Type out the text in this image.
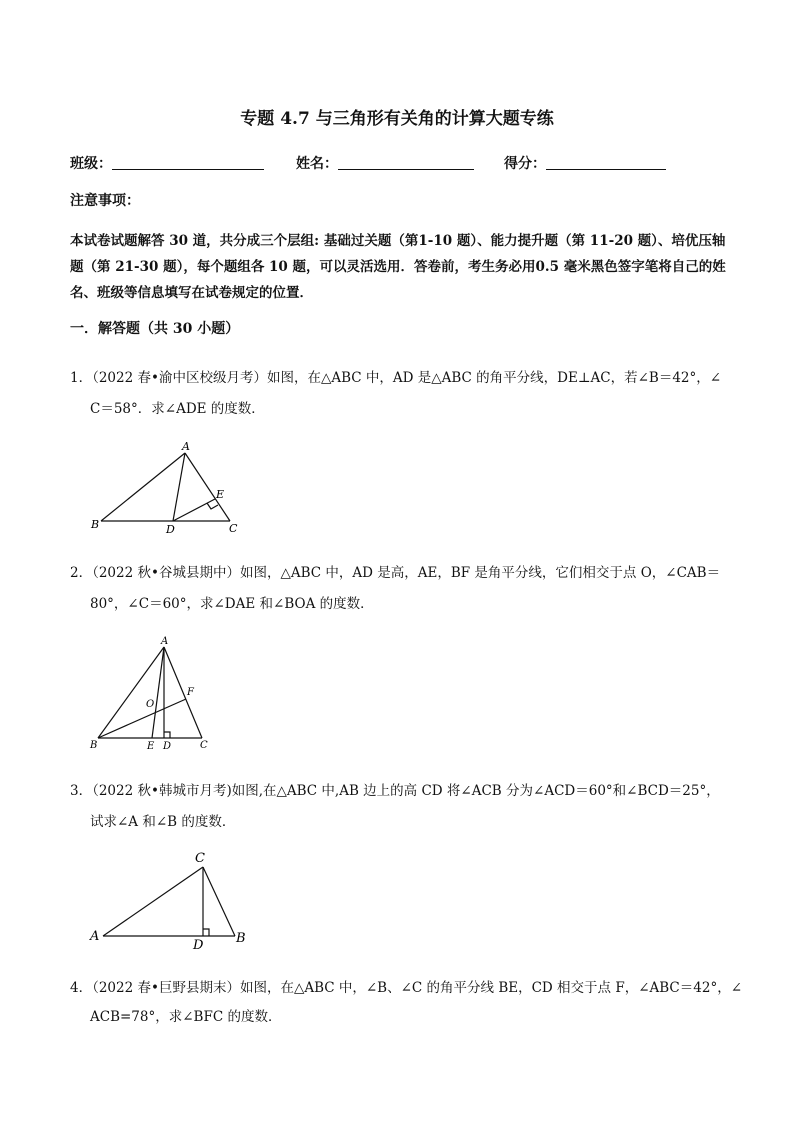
专题 4.7 与三角形有关角的计算大题专练
班级：	姓名：	得分：
注意事项：
本试卷试题解答 30 道，共分成三个层组: 基础过关题（第1-10 题）、能力提升题（第 11-20 题）、培优压轴
题（第 21-30 题），每个题组各 10 题，可以灵活选用．答卷前，考生务必用0.5 毫米黑色签字笔将自己的姓
名、班级等信息填写在试卷规定的位置．
一．解答题（共 30 小题）
1．（2022 春•渝中区校级月考）如图，在△ABC 中，AD 是△ABC 的角平分线，DE⊥AC，若∠B＝42°，∠
C＝58°．求∠ADE 的度数．
A
B	C
D
E
2．（2022 秋•谷城县期中）如图，△ABC 中，AD 是高，AE，BF 是角平分线，它们相交于点 O，∠CAB＝
80°，∠C＝60°，求∠DAE 和∠BOA 的度数．
A
B	C
D
E
F
O
3．（2022 秋•韩城市月考)如图,在△ABC 中,AB 边上的高 CD 将∠ACB 分为∠ACD＝60°和∠BCD＝25°，
试求∠A 和∠B 的度数．
C
A	B
D
4．（2022 春•巨野县期末）如图，在△ABC 中，∠B、∠C 的角平分线 BE，CD 相交于点 F，∠ABC＝42°，∠
ACB=78°，求∠BFC 的度数．
